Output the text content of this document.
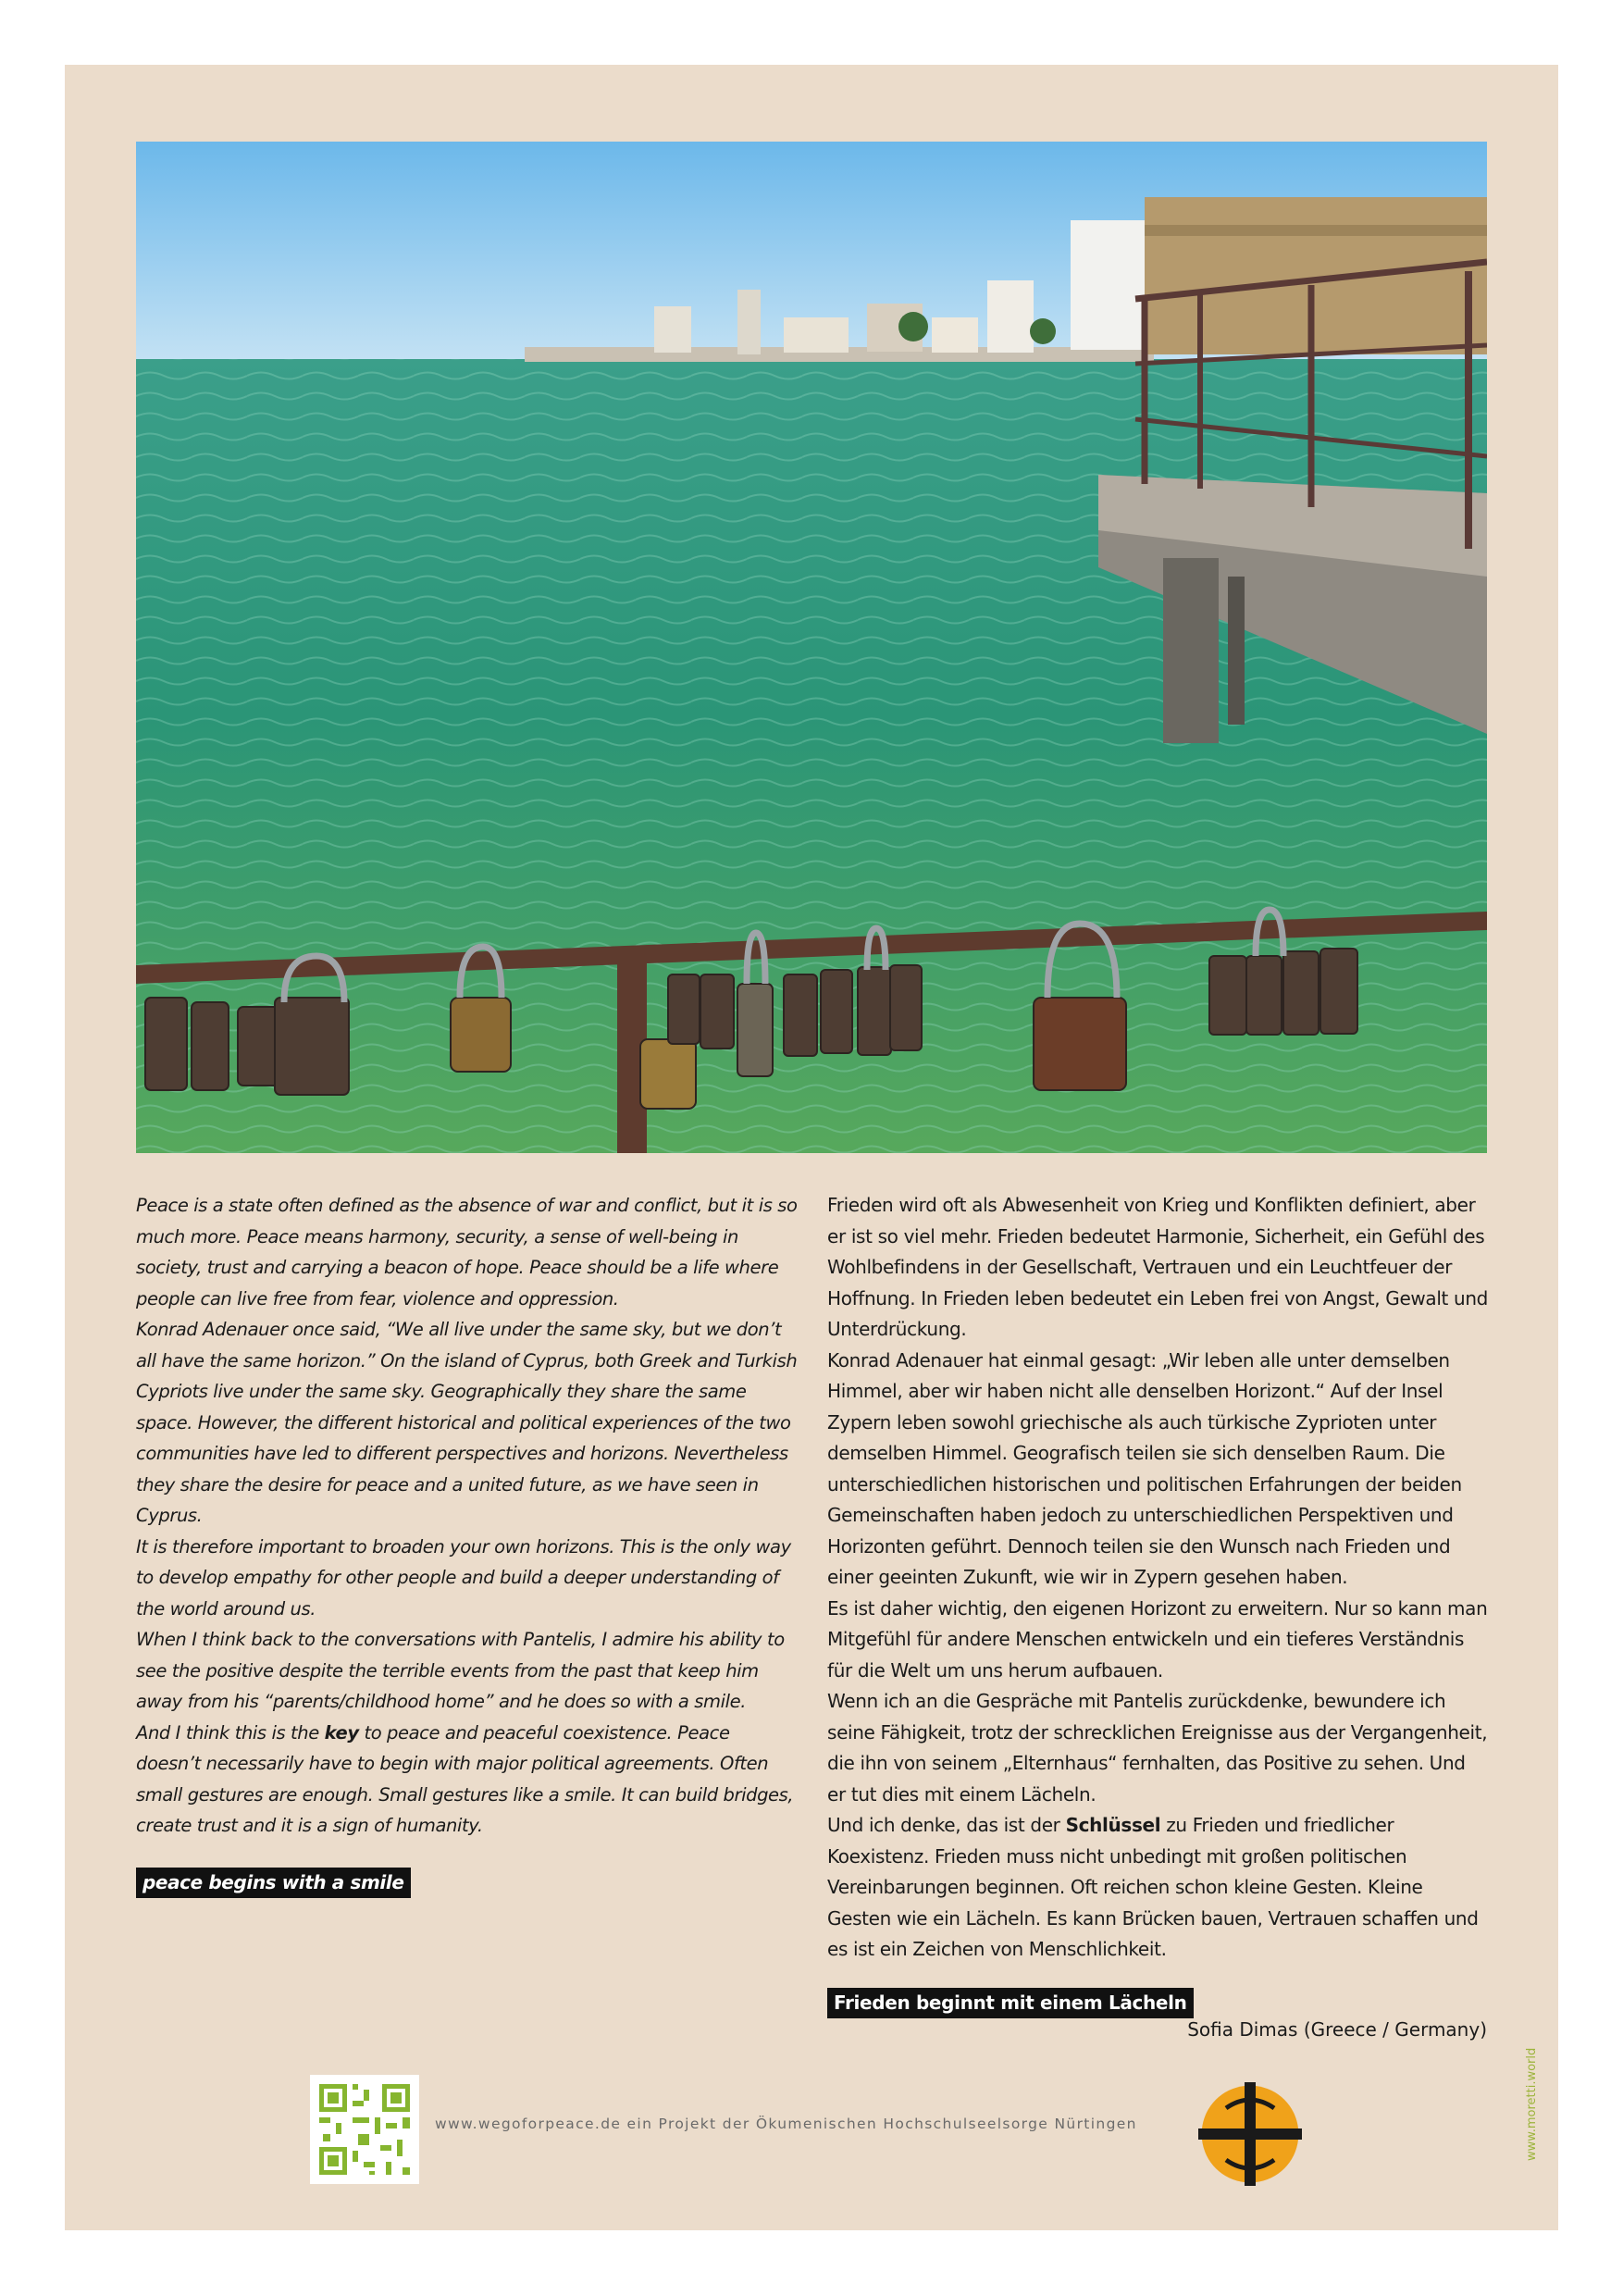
Peace is a state often defined as the absence of war and conflict, but it is so much more. Peace means harmony, security, a sense of well-being in society, trust and carrying a beacon of hope. Peace should be a life where people can live free from fear, violence and oppression.

Konrad Adenauer once said, “We all live under the same sky, but we don’t all have the same horizon.” On the island of Cyprus, both Greek and Turkish Cypriots live under the same sky. Geographically they share the same space. However, the different historical and political experiences of the two communities have led to different perspectives and horizons. Nevertheless they share the desire for peace and a united future, as we have seen in Cyprus.

It is therefore important to broaden your own horizons. This is the only way to develop empathy for other people and build a deeper understanding of the world around us.

When I think back to the conversations with Pantelis, I admire his ability to see the positive despite the terrible events from the past that keep him away from his “parents/childhood home” and he does so with a smile.

And I think this is the key to peace and peaceful coexistence. Peace doesn’t necessarily have to begin with major political agreements. Often small gestures are enough. Small gestures like a smile. It can build bridges, create trust and it is a sign of humanity.

peace begins with a smile

Frieden wird oft als Abwesenheit von Krieg und Konflikten definiert, aber er ist so viel mehr. Frieden bedeutet Harmonie, Sicherheit, ein Gefühl des Wohlbefindens in der Gesellschaft, Vertrauen und ein Leuchtfeuer der Hoffnung. In Frieden leben bedeutet ein Leben frei von Angst, Gewalt und Unterdrückung.

Konrad Adenauer hat einmal gesagt: „Wir leben alle unter demselben Himmel, aber wir haben nicht alle denselben Horizont.“ Auf der Insel Zypern leben sowohl griechische als auch türkische Zyprioten unter demselben Himmel. Geografisch teilen sie sich denselben Raum. Die unterschiedlichen historischen und politischen Erfahrungen der beiden Gemeinschaften haben jedoch zu unterschiedlichen Perspektiven und Horizonten geführt. Dennoch teilen sie den Wunsch nach Frieden und einer geeinten Zukunft, wie wir in Zypern gesehen haben.

Es ist daher wichtig, den eigenen Horizont zu erweitern. Nur so kann man Mitgefühl für andere Menschen entwickeln und ein tieferes Verständnis für die Welt um uns herum aufbauen.

Wenn ich an die Gespräche mit Pantelis zurückdenke, bewundere ich seine Fähigkeit, trotz der schrecklichen Ereignisse aus der Vergangenheit, die ihn von seinem „Elternhaus“ fernhalten, das Positive zu sehen. Und er tut dies mit einem Lächeln.

Und ich denke, das ist der Schlüssel zu Frieden und friedlicher Koexistenz. Frieden muss nicht unbedingt mit großen politischen Vereinbarungen beginnen. Oft reichen schon kleine Gesten. Kleine Gesten wie ein Lächeln. Es kann Brücken bauen, Vertrauen schaffen und es ist ein Zeichen von Menschlichkeit.

Frieden beginnt mit einem Lächeln
Sofia Dimas (Greece / Germany)
www.wegoforpeace.de ein Projekt der Ökumenischen Hochschulseelsorge Nürtingen	www.moretti.world
